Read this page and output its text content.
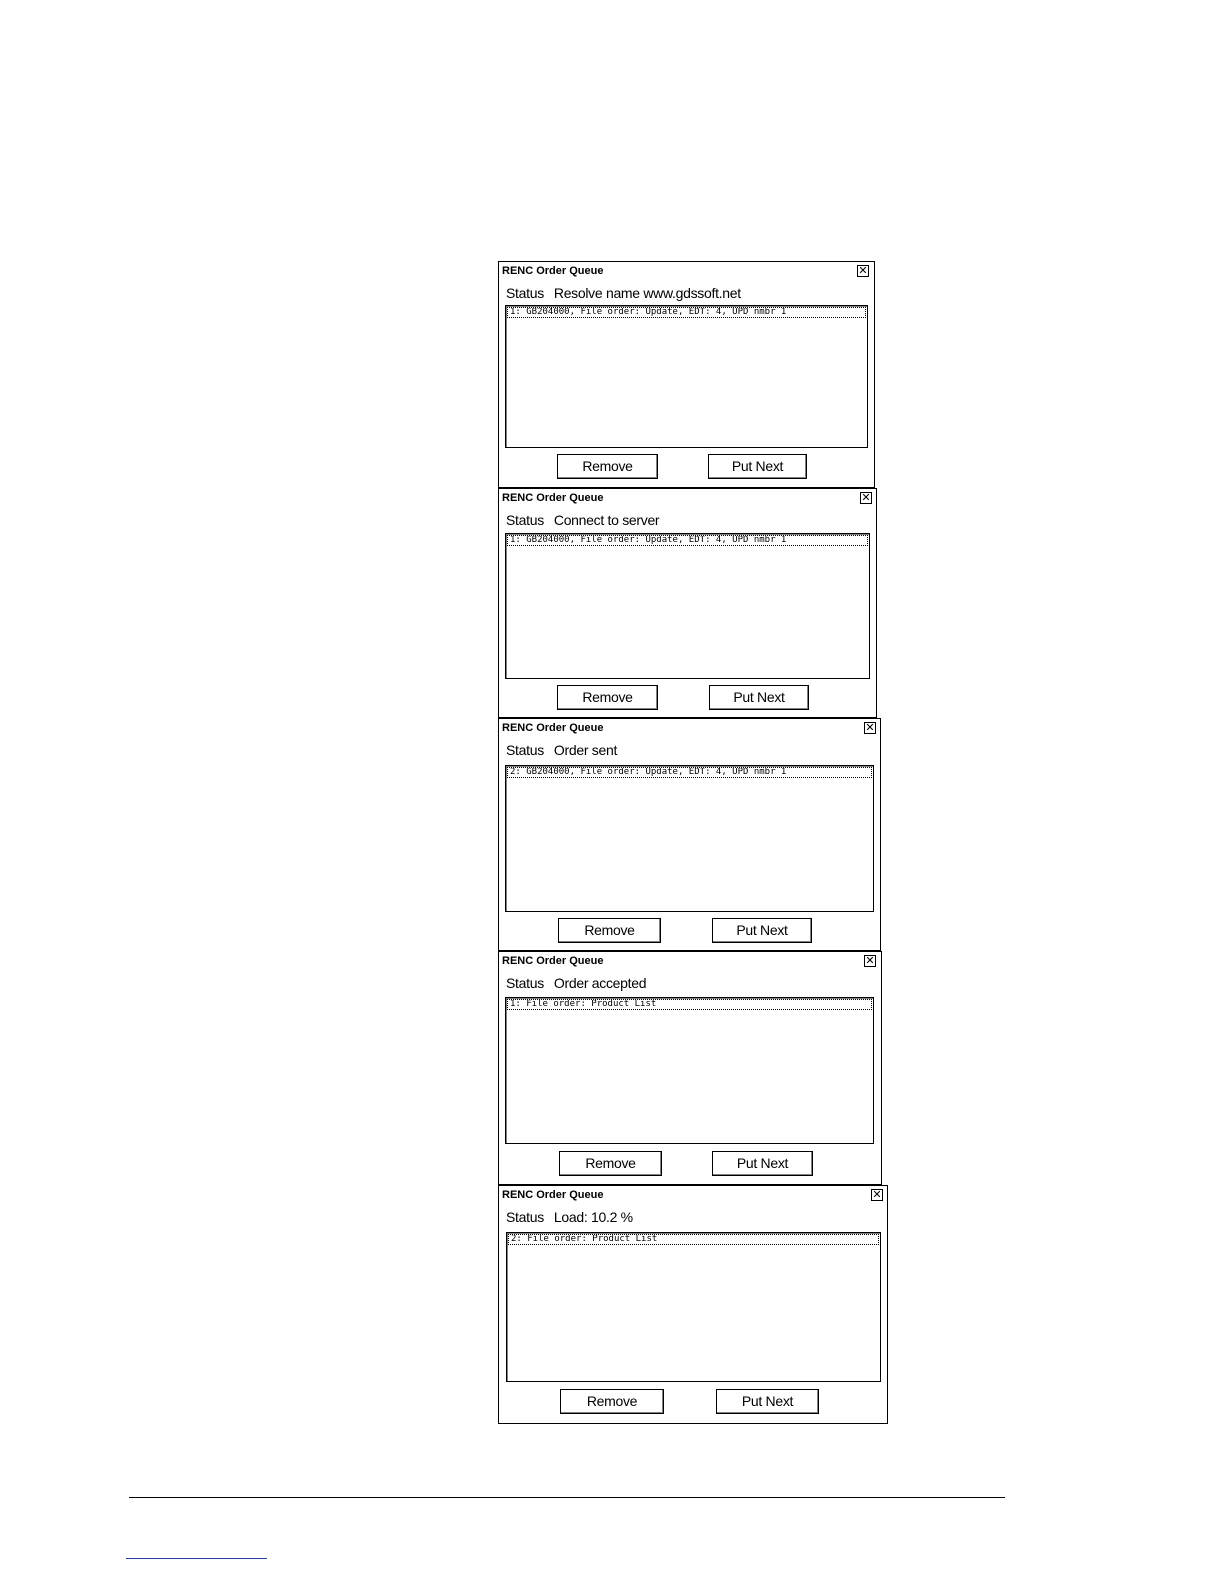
RENC Order Queue	✕
Status Resolve name www.gdssoft.net
1: GB204000, File order: Update, EDT: 4, UPD nmbr 1
Remove	Put Next
RENC Order Queue	✕
Status Connect to server
1: GB204000, File order: Update, EDT: 4, UPD nmbr 1
Remove	Put Next
RENC Order Queue	✕
Status Order sent
2: GB204000, File order: Update, EDT: 4, UPD nmbr 1
Remove	Put Next
RENC Order Queue	✕
Status Order accepted
1: File order: Product List
Remove	Put Next
RENC Order Queue	✕
Status Load: 10.2 %
2: File order: Product List
Remove	Put Next
